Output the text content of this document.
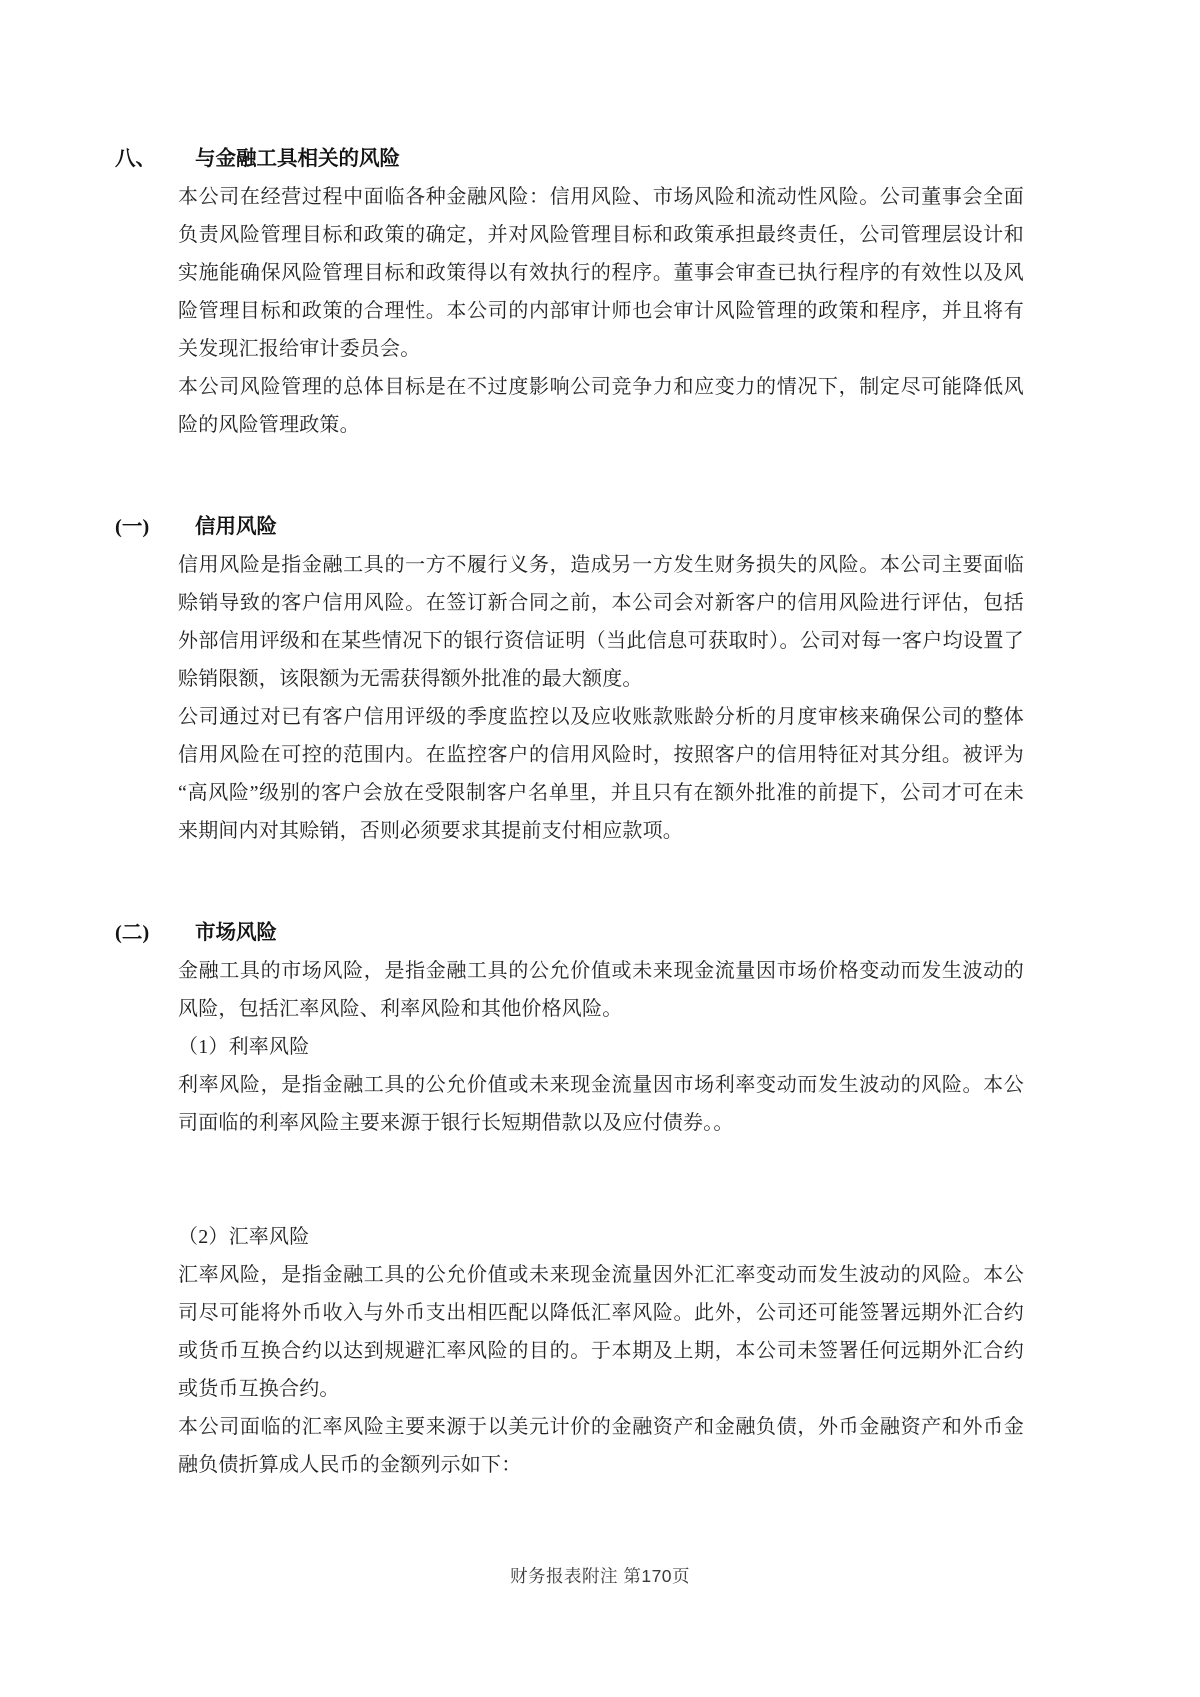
八、	与金融工具相关的风险

本公司在经营过程中面临各种金融风险：信用风险、市场风险和流动性风险。公司董事会全面负责风险管理目标和政策的确定，并对风险管理目标和政策承担最终责任，公司管理层设计和实施能确保风险管理目标和政策得以有效执行的程序。董事会审查已执行程序的有效性以及风险管理目标和政策的合理性。本公司的内部审计师也会审计风险管理的政策和程序，并且将有关发现汇报给审计委员会。

本公司风险管理的总体目标是在不过度影响公司竞争力和应变力的情况下，制定尽可能降低风险的风险管理政策。

(一)	信用风险

信用风险是指金融工具的一方不履行义务，造成另一方发生财务损失的风险。本公司主要面临赊销导致的客户信用风险。在签订新合同之前，本公司会对新客户的信用风险进行评估，包括外部信用评级和在某些情况下的银行资信证明（当此信息可获取时）。公司对每一客户均设置了赊销限额，该限额为无需获得额外批准的最大额度。

公司通过对已有客户信用评级的季度监控以及应收账款账龄分析的月度审核来确保公司的整体信用风险在可控的范围内。在监控客户的信用风险时，按照客户的信用特征对其分组。被评为“高风险”级别的客户会放在受限制客户名单里，并且只有在额外批准的前提下，公司才可在未来期间内对其赊销，否则必须要求其提前支付相应款项。

(二)	市场风险

金融工具的市场风险，是指金融工具的公允价值或未来现金流量因市场价格变动而发生波动的风险，包括汇率风险、利率风险和其他价格风险。

（1）利率风险

利率风险，是指金融工具的公允价值或未来现金流量因市场利率变动而发生波动的风险。本公司面临的利率风险主要来源于银行长短期借款以及应付债券。。

（2）汇率风险

汇率风险，是指金融工具的公允价值或未来现金流量因外汇汇率变动而发生波动的风险。本公司尽可能将外币收入与外币支出相匹配以降低汇率风险。此外，公司还可能签署远期外汇合约或货币互换合约以达到规避汇率风险的目的。于本期及上期，本公司未签署任何远期外汇合约或货币互换合约。

本公司面临的汇率风险主要来源于以美元计价的金融资产和金融负债，外币金融资产和外币金融负债折算成人民币的金额列示如下：

财务报表附注 第170页
